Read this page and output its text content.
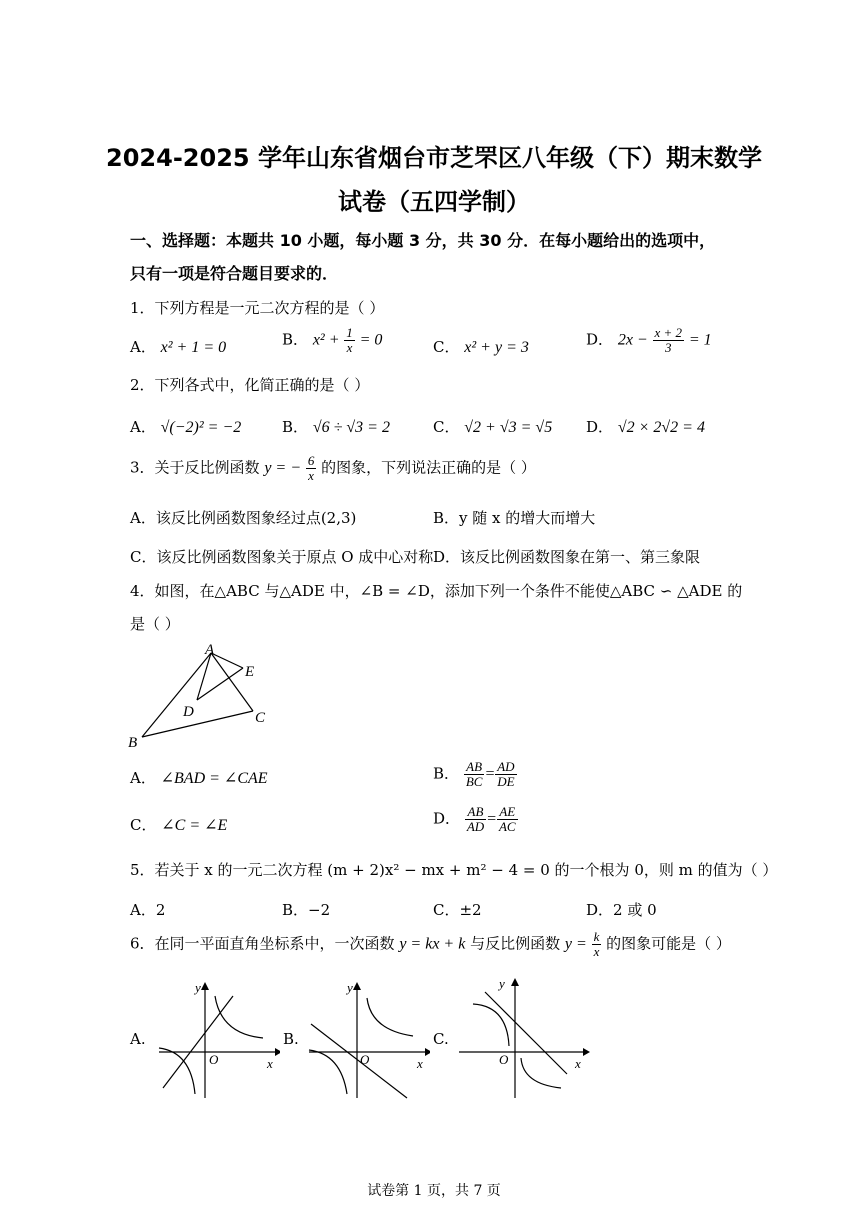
2024-2025 学年山东省烟台市芝罘区八年级（下）期末数学
试卷（五四学制）
一、选择题：本题共 10 小题，每小题 3 分，共 30 分．在每小题给出的选项中，
只有一项是符合题目要求的．
1．下列方程是一元二次方程的是（ ）
A． x² + 1 = 0	B． $x^2 + \frac{1}{x} = 0$	C． x² + y = 3	D． $2x - \frac{x + 2}{3} = 1$
2．下列各式中，化简正确的是（ ）
A． √(−2)² = −2	B． √6 ÷ √3 = 2	C． √2 + √3 = √5 D． √2 × 2√2 = 4
3．关于反比例函数 y = − $\frac{6}{x}$ 的图象，下列说法正确的是（ ）
A．该反比例函数图象经过点(2,3)	B．y 随 x 的增大而增大
C．该反比例函数图象关于原点 O 成中心对称 D．该反比例函数图象在第一、第三象限
4．如图，在△ABC 与△ADE 中，∠B = ∠D，添加下列一个条件不能使△ABC ∽ △ADE 的
是（ ）
A
B
C
D
E
A． ∠BAD = ∠CAE	B． $\frac{AB}{BC} = \frac{AD}{DE}$
C． ∠C = ∠E	D． $\frac{AB}{AD} = \frac{AE}{AC}$
5．若关于 x 的一元二次方程 (m + 2)x² − mx + m² − 4 = 0 的一个根为 0，则 m 的值为（ ）
A．2	B．−2	C．±2	D．2 或 0
6．在同一平面直角坐标系中，一次函数 y = kx + k 与反比例函数 $y = \frac{k}{x}$ 的图象可能是（ ）
A.
y
x
O
B.
y
x
O
C.
y
x
O
试卷第 1 页，共 7 页
